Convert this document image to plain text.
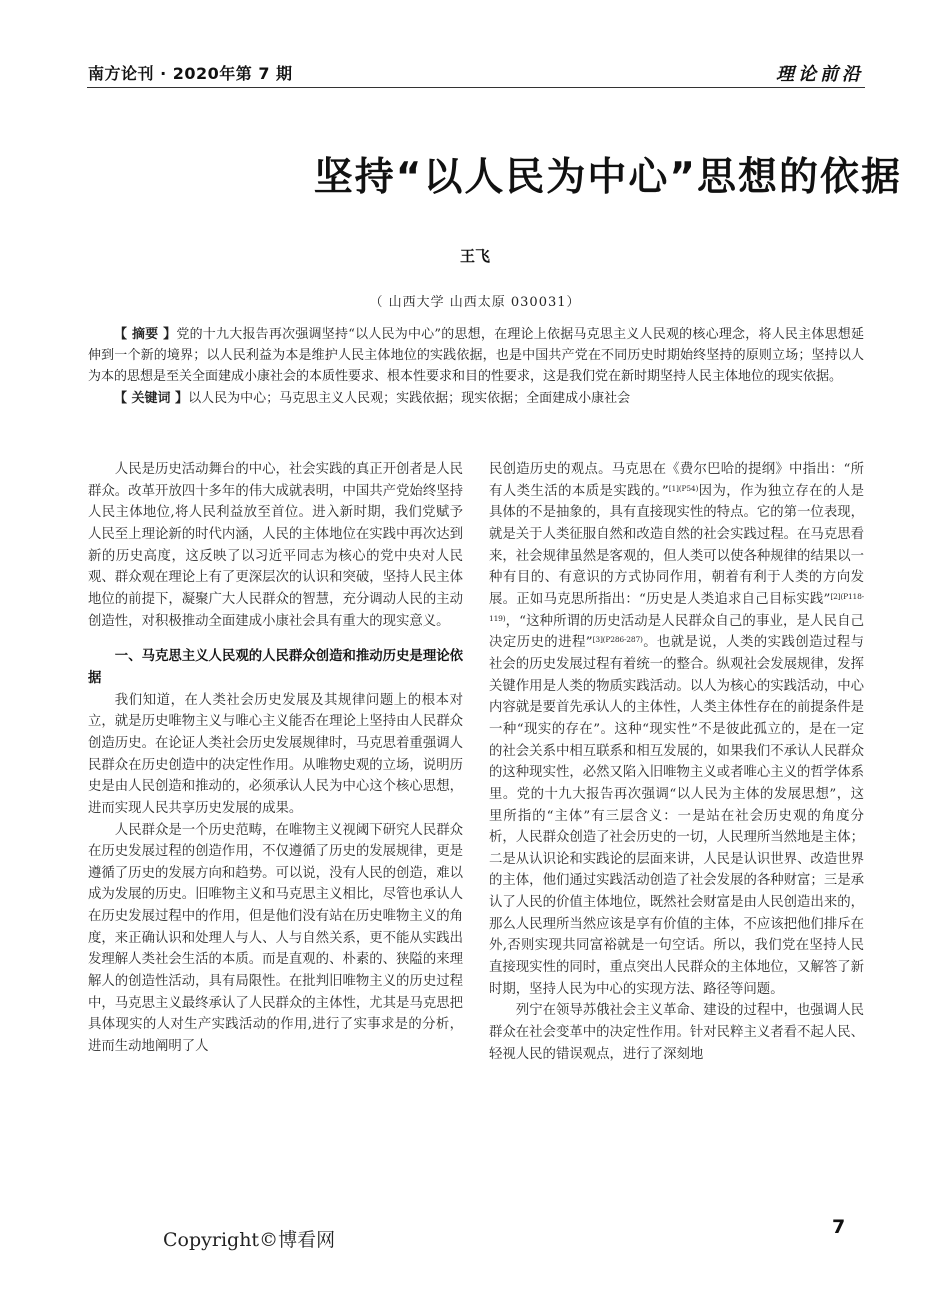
南方论刊 · 2020年第 7 期	理论前沿
坚持“以人民为中心”思想的依据
王飞
（ 山西大学 山西太原 030031）

【 摘要 】党的十九大报告再次强调坚持“以人民为中心”的思想，在理论上依据马克思主义人民观的核心理念，将人民主体思想延伸到一个新的境界；以人民利益为本是维护人民主体地位的实践依据，也是中国共产党在不同历史时期始终坚持的原则立场；坚持以人为本的思想是至关全面建成小康社会的本质性要求、根本性要求和目的性要求，这是我们党在新时期坚持人民主体地位的现实依据。

【 关键词 】以人民为中心；马克思主义人民观；实践依据；现实依据；全面建成小康社会

人民是历史活动舞台的中心，社会实践的真正开创者是人民群众。改革开放四十多年的伟大成就表明，中国共产党始终坚持人民主体地位,将人民利益放至首位。进入新时期，我们党赋予人民至上理论新的时代内涵，人民的主体地位在实践中再次达到新的历史高度，这反映了以习近平同志为核心的党中央对人民观、群众观在理论上有了更深层次的认识和突破，坚持人民主体地位的前提下，凝聚广大人民群众的智慧，充分调动人民的主动创造性，对积极推动全面建成小康社会具有重大的现实意义。

一、马克思主义人民观的人民群众创造和推动历史是理论依据

我们知道，在人类社会历史发展及其规律问题上的根本对立，就是历史唯物主义与唯心主义能否在理论上坚持由人民群众创造历史。在论证人类社会历史发展规律时，马克思着重强调人民群众在历史创造中的决定性作用。从唯物史观的立场，说明历史是由人民创造和推动的，必须承认人民为中心这个核心思想，进而实现人民共享历史发展的成果。

人民群众是一个历史范畴，在唯物主义视阈下研究人民群众在历史发展过程的创造作用，不仅遵循了历史的发展规律，更是遵循了历史的发展方向和趋势。可以说，没有人民的创造，难以成为发展的历史。旧唯物主义和马克思主义相比，尽管也承认人在历史发展过程中的作用，但是他们没有站在历史唯物主义的角度，来正确认识和处理人与人、人与自然关系，更不能从实践出发理解人类社会生活的本质。而是直观的、朴素的、狭隘的来理解人的创造性活动，具有局限性。在批判旧唯物主义的历史过程中，马克思主义最终承认了人民群众的主体性，尤其是马克思把具体现实的人对生产实践活动的作用,进行了实事求是的分析，进而生动地阐明了人

民创造历史的观点。马克思在《费尔巴哈的提纲》中指出：“所有人类生活的本质是实践的。”$^{[1](P54)}$因为，作为独立存在的人是具体的不是抽象的，具有直接现实性的特点。它的第一位表现，就是关于人类征服自然和改造自然的社会实践过程。在马克思看来，社会规律虽然是客观的，但人类可以使各种规律的结果以一种有目的、有意识的方式协同作用，朝着有利于人类的方向发展。正如马克思所指出：“历史是人类追求自己目标实践”$^{[2](P118-119)}$，“这种所谓的历史活动是人民群众自己的事业，是人民自己决定历史的进程”$^{[3](P286-287)}$。也就是说，人类的实践创造过程与社会的历史发展过程有着统一的整合。纵观社会发展规律，发挥关键作用是人类的物质实践活动。以人为核心的实践活动，中心内容就是要首先承认人的主体性，人类主体性存在的前提条件是一种“现实的存在”。这种“现实性”不是彼此孤立的，是在一定的社会关系中相互联系和相互发展的，如果我们不承认人民群众的这种现实性，必然又陷入旧唯物主义或者唯心主义的哲学体系里。党的十九大报告再次强调“以人民为主体的发展思想”，这里所指的“主体”有三层含义：一是站在社会历史观的角度分析，人民群众创造了社会历史的一切，人民理所当然地是主体；二是从认识论和实践论的层面来讲，人民是认识世界、改造世界的主体，他们通过实践活动创造了社会发展的各种财富；三是承认了人民的价值主体地位，既然社会财富是由人民创造出来的，那么人民理所当然应该是享有价值的主体，不应该把他们排斥在外,否则实现共同富裕就是一句空话。所以，我们党在坚持人民直接现实性的同时，重点突出人民群众的主体地位，又解答了新时期，坚持人民为中心的实现方法、路径等问题。

列宁在领导苏俄社会主义革命、建设的过程中，也强调人民群众在社会变革中的决定性作用。针对民粹主义者看不起人民、轻视人民的错误观点，进行了深刻地

Copyright©博看网
7
